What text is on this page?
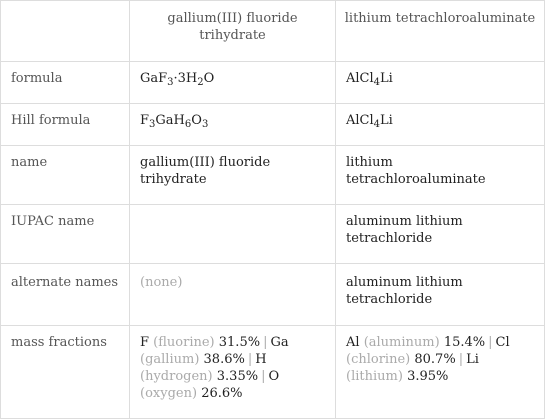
	gallium(III) fluoride trihydrate	lithium tetrachloroaluminate
formula	$GaF_3\cdot 3H_2O$	AlCl$_4$Li
Hill formula	$F_3GaH_6O_3$	AlCl$_4$Li
name	gallium(III) fluoride trihydrate	lithium tetrachloroaluminate
IUPAC name		aluminum lithium tetrachloride
alternate names	(none)	aluminum lithium tetrachloride
mass fractions	F (fluorine) 31.5% | Ga (gallium) 38.6% | H (hydrogen) 3.35% | O (oxygen) 26.6%	Al (aluminum) 15.4% | Cl (chlorine) 80.7% | Li (lithium) 3.95%
